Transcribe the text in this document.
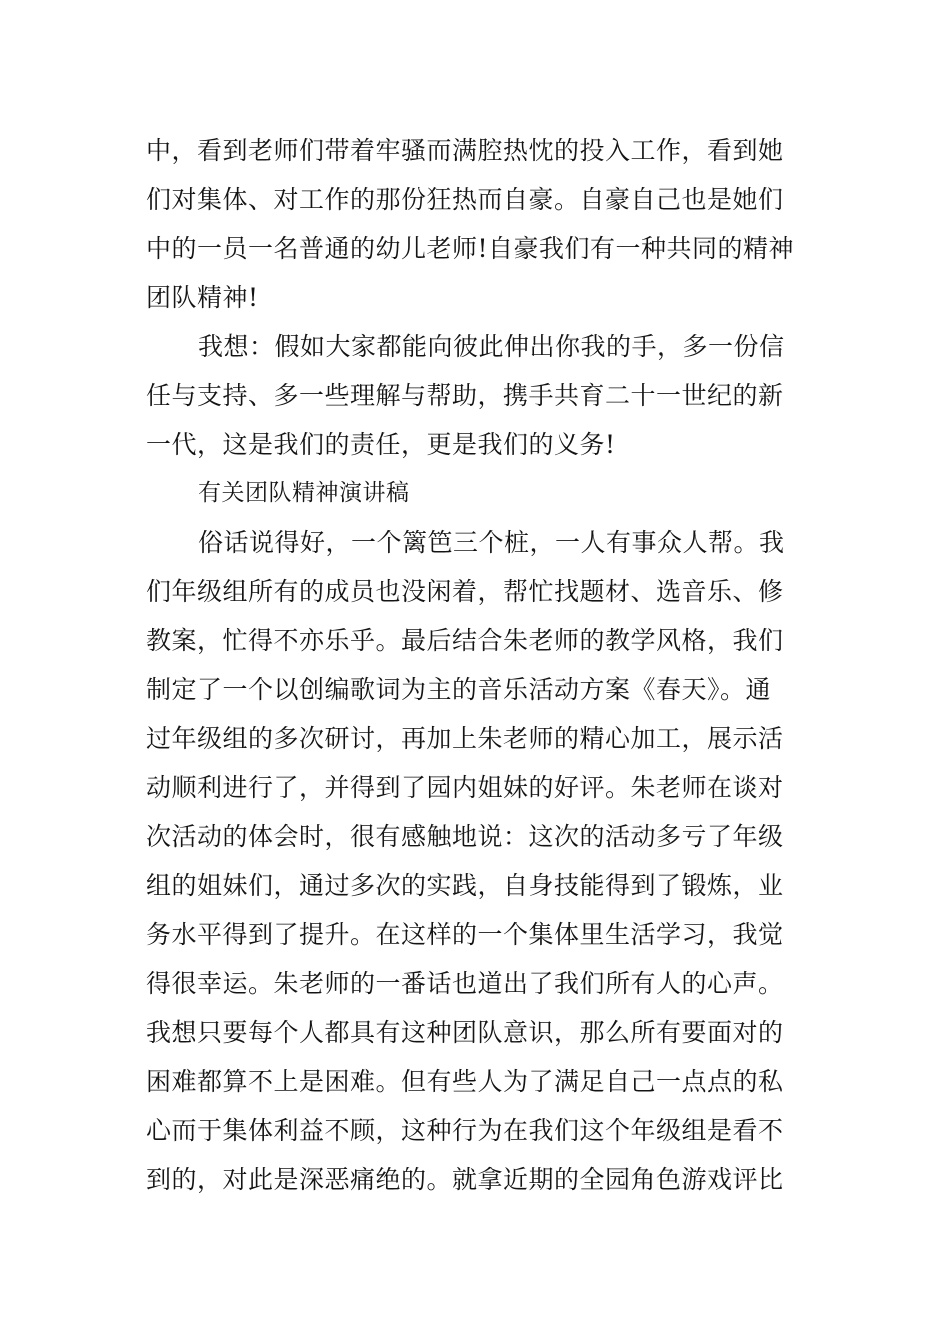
中，看到老师们带着牢骚而满腔热忱的投入工作，看到她
们对集体、对工作的那份狂热而自豪。自豪自己也是她们
中的一员一名普通的幼儿老师!自豪我们有一种共同的精神
团队精神!
我想：假如大家都能向彼此伸出你我的手，多一份信
任与支持、多一些理解与帮助，携手共育二十一世纪的新
一代，这是我们的责任，更是我们的义务!
有关团队精神演讲稿
俗话说得好，一个篱笆三个桩，一人有事众人帮。我
们年级组所有的成员也没闲着，帮忙找题材、选音乐、修
教案，忙得不亦乐乎。最后结合朱老师的教学风格，我们
制定了一个以创编歌词为主的音乐活动方案《春天》。通
过年级组的多次研讨，再加上朱老师的精心加工，展示活
动顺利进行了，并得到了园内姐妹的好评。朱老师在谈对
次活动的体会时，很有感触地说：这次的活动多亏了年级
组的姐妹们，通过多次的实践，自身技能得到了锻炼，业
务水平得到了提升。在这样的一个集体里生活学习，我觉
得很幸运。朱老师的一番话也道出了我们所有人的心声。
我想只要每个人都具有这种团队意识，那么所有要面对的
困难都算不上是困难。但有些人为了满足自己一点点的私
心而于集体利益不顾，这种行为在我们这个年级组是看不
到的，对此是深恶痛绝的。就拿近期的全园角色游戏评比
